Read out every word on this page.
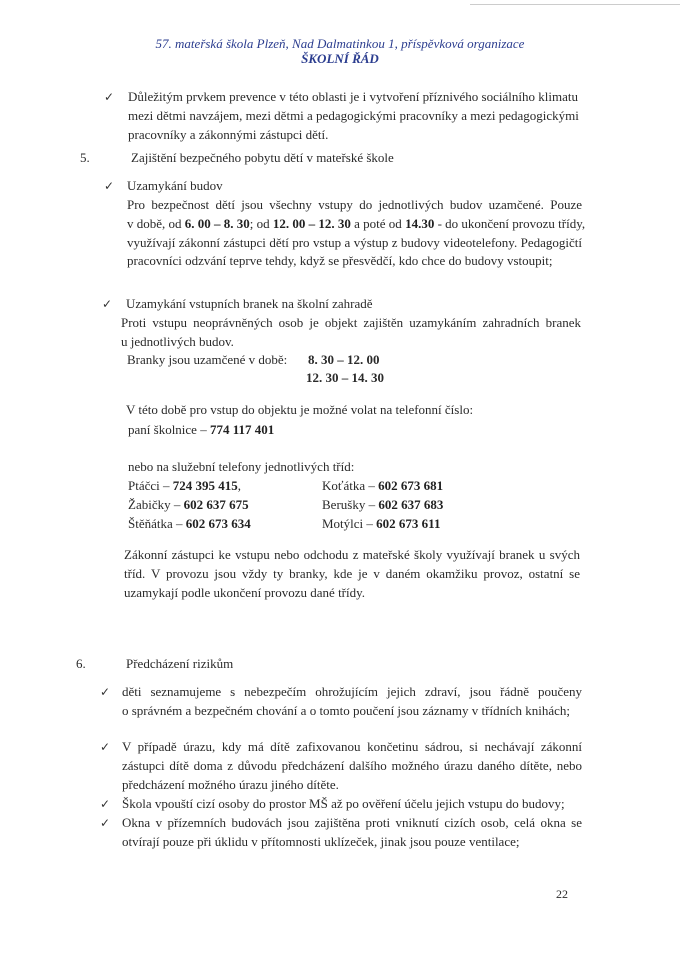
57. mateřská škola Plzeň, Nad Dalmatinkou 1, příspěvková organizace
ŠKOLNÍ ŘÁD
✓ Důležitým prvkem prevence v této oblasti je i vytvoření příznivého sociálního klimatu
mezi dětmi navzájem, mezi dětmi a pedagogickými pracovníky a mezi pedagogickými
pracovníky a zákonnými zástupci dětí.
5.	Zajištění bezpečného pobytu dětí v mateřské škole
✓ Uzamykání budov
Pro bezpečnost dětí jsou všechny vstupy do jednotlivých budov uzamčené. Pouze
v době, od 6. 00 – 8. 30; od 12. 00 – 12. 30 a poté od 14.30 - do ukončení provozu třídy,
využívají zákonní zástupci dětí pro vstup a výstup z budovy videotelefony. Pedagogičtí
pracovníci odzvání teprve tehdy, když se přesvědčí, kdo chce do budovy vstoupit;
✓ Uzamykání vstupních branek na školní zahradě
Proti vstupu neoprávněných osob je objekt zajištěn uzamykáním zahradních branek
u jednotlivých budov.
Branky jsou uzamčené v době: 8. 30 – 12. 00
12. 30 – 14. 30
V této době pro vstup do objektu je možné volat na telefonní číslo:
paní školnice – 774 117 401
nebo na služební telefony jednotlivých tříd:
Ptáčci – 724 395 415,	Koťátka – 602 673 681
Žabičky – 602 637 675	Berušky – 602 637 683
Štěňátka – 602 673 634	Motýlci – 602 673 611
Zákonní zástupci ke vstupu nebo odchodu z mateřské školy využívají branek u svých
tříd. V provozu jsou vždy ty branky, kde je v daném okamžiku provoz, ostatní se
uzamykají podle ukončení provozu dané třídy.
6.	Předcházení rizikům
✓ děti seznamujeme s nebezpečím ohrožujícím jejich zdraví, jsou řádně poučeny
o správném a bezpečném chování a o tomto poučení jsou záznamy v třídních knihách;
✓ V případě úrazu, kdy má dítě zafixovanou končetinu sádrou, si nechávají zákonní
zástupci dítě doma z důvodu předcházení dalšího možného úrazu daného dítěte, nebo
předcházení možného úrazu jiného dítěte.
✓ Škola vpouští cizí osoby do prostor MŠ až po ověření účelu jejich vstupu do budovy;
✓ Okna v přízemních budovách jsou zajištěna proti vniknutí cizích osob, celá okna se
otvírají pouze při úklidu v přítomnosti uklízeček, jinak jsou pouze ventilace;
22
